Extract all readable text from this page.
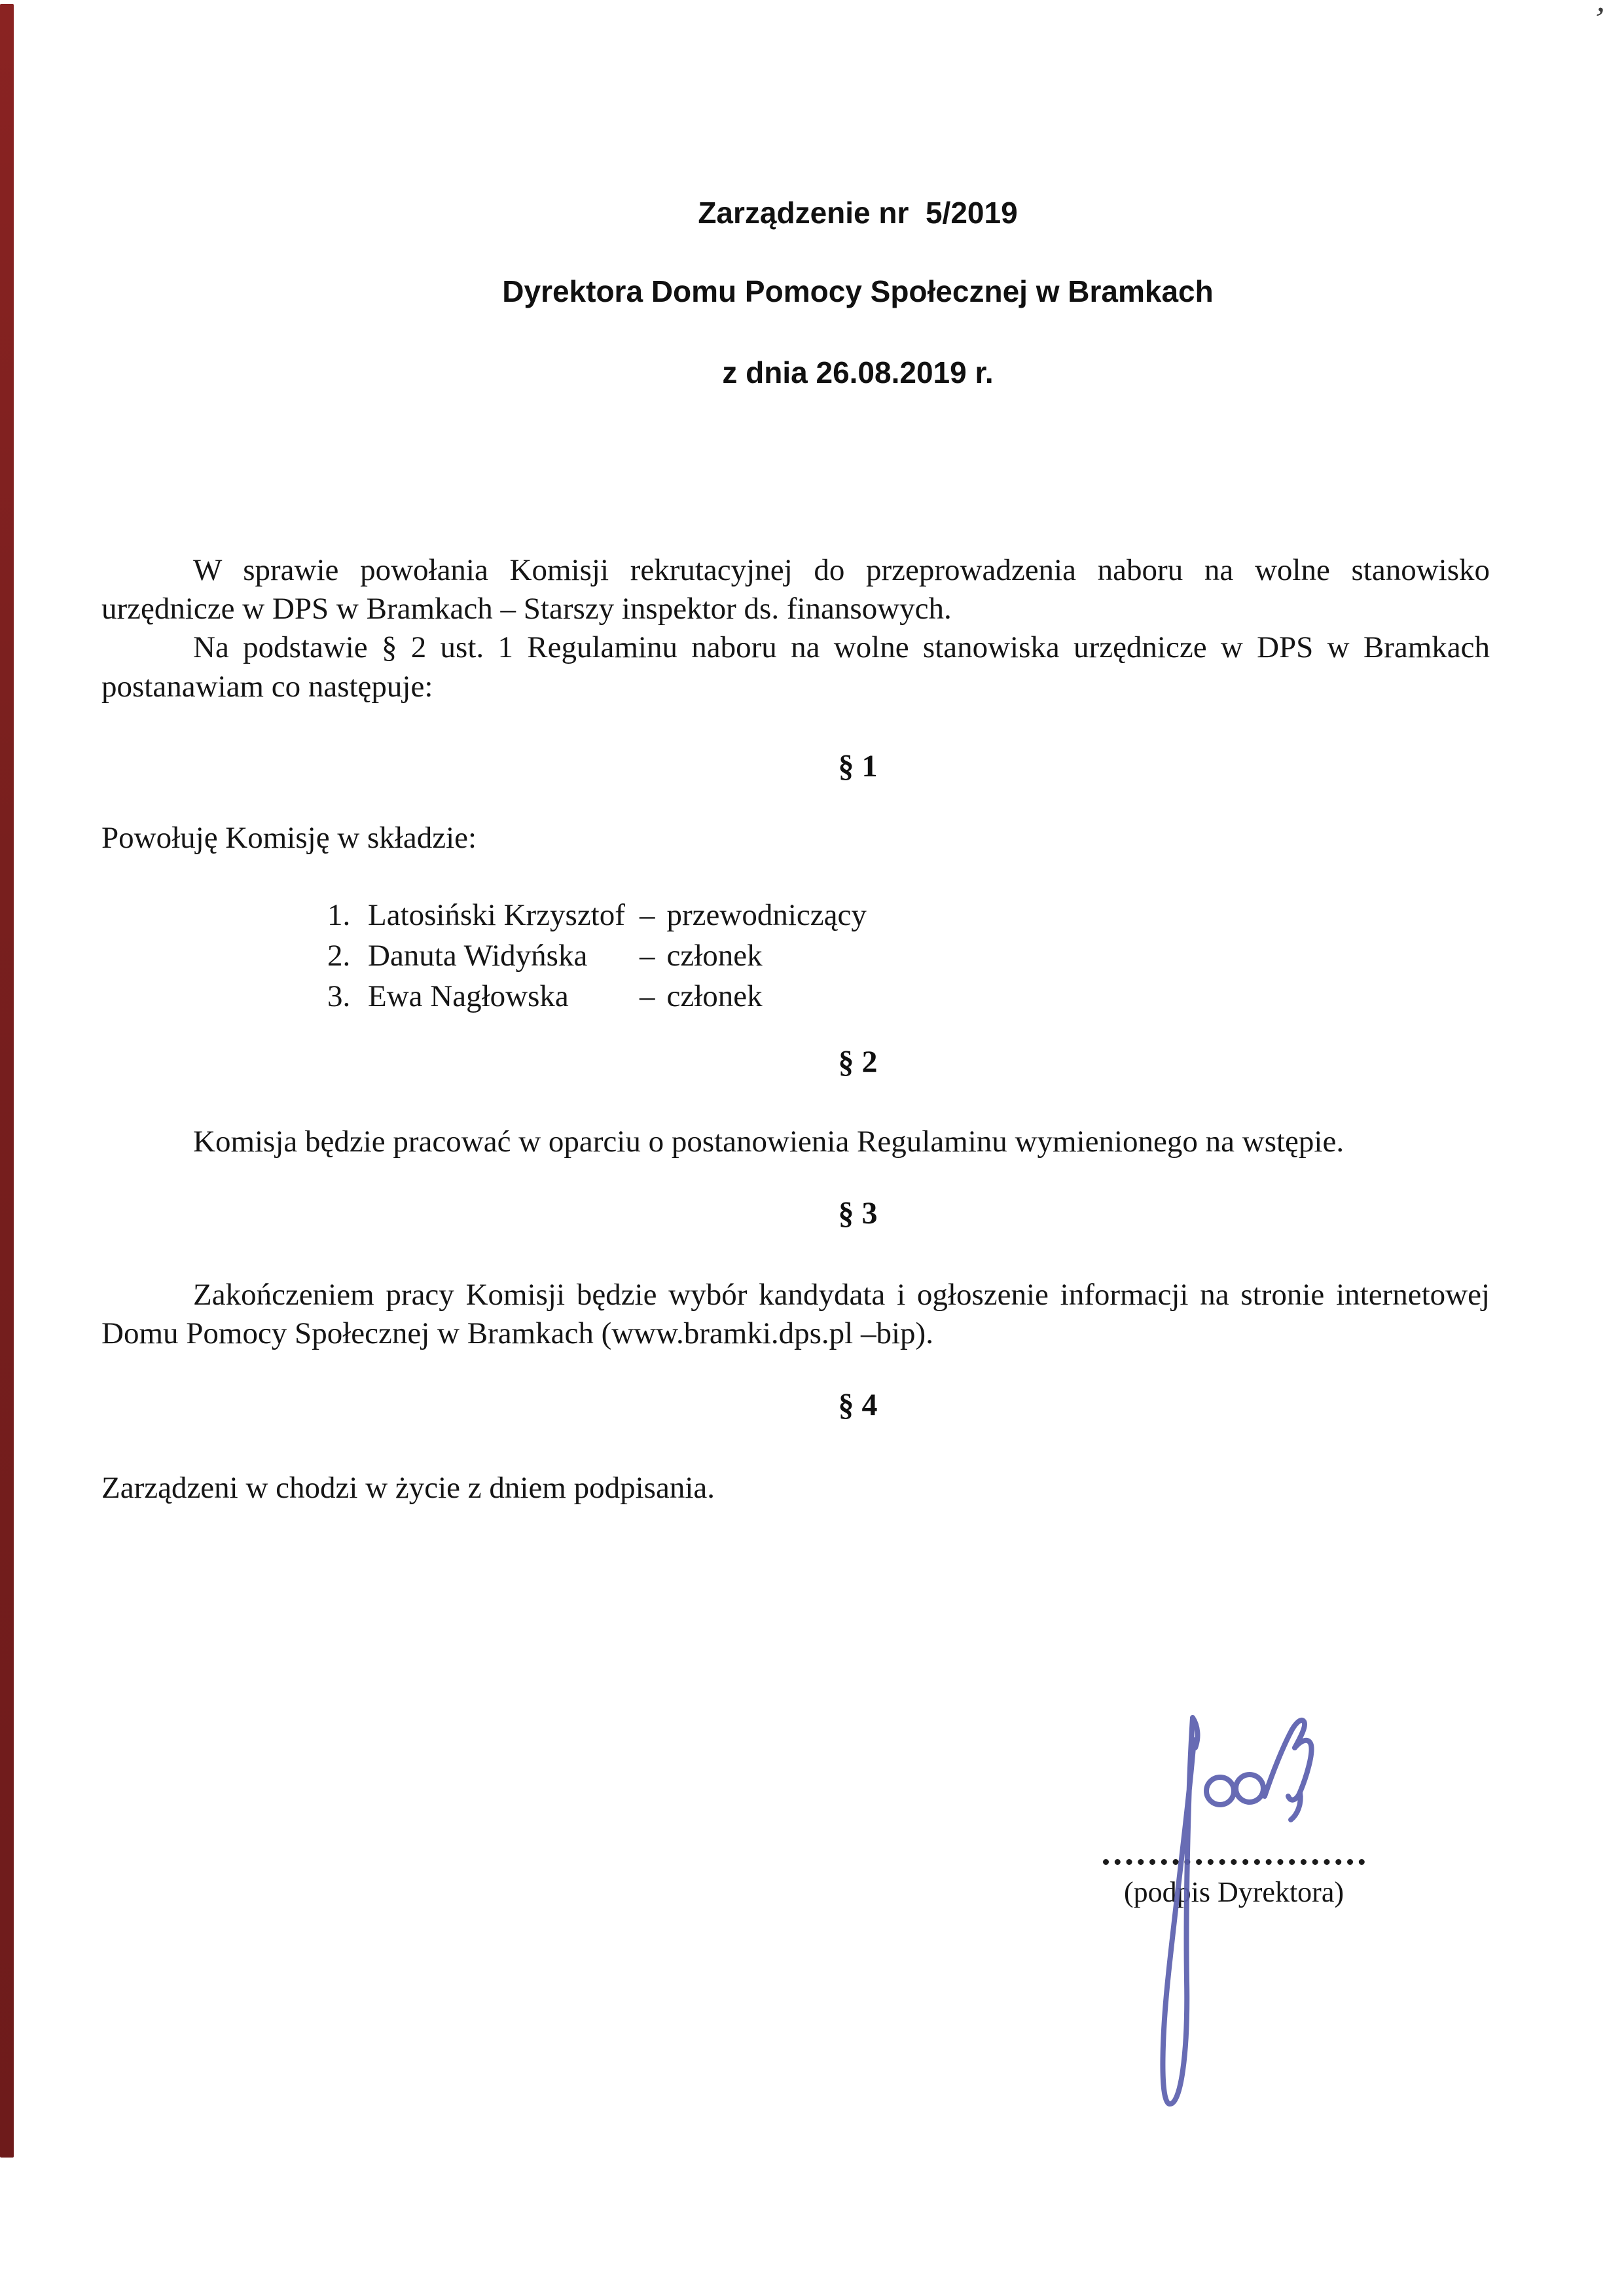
’
Zarządzenie nr  5/2019
Dyrektora Domu Pomocy Społecznej w Bramkach
z dnia 26.08.2019 r.

W sprawie powołania Komisji rekrutacyjnej do przeprowadzenia naboru na wolne stanowisko urzędnicze w DPS w Bramkach – Starszy inspektor ds. finansowych.

Na podstawie § 2 ust. 1 Regulaminu naboru na wolne stanowiska urzędnicze w DPS w Bramkach postanawiam co następuje:

§ 1
Powołuję Komisję w składzie:
1. Latosiński Krzysztof – przewodniczący
2. Danuta Widyńska	– członek
3. Ewa Nagłowska	– członek
§ 2

Komisja będzie pracować w oparciu o postanowienia Regulaminu wymienionego na wstępie.

§ 3

Zakończeniem pracy Komisji będzie wybór kandydata i ogłoszenie informacji na stronie internetowej Domu Pomocy Społecznej w Bramkach (www.bramki.dps.pl –bip).

§ 4

Zarządzeni w chodzi w życie z dniem podpisania.

(podpis Dyrektora)
